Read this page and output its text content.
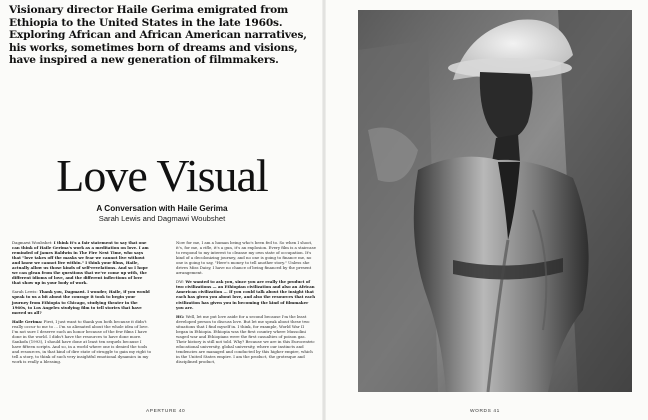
Visionary director Haile Gerima emigrated from Ethiopia to the United States in the late 1960s. Exploring African and African American narratives, his works, sometimes born of dreams and visions, have inspired a new generation of filmmakers.
Love Visual
A Conversation with Haile Gerima
Sarah Lewis and Dagmawi Woubshet

Dagmawi Woubshet: I think it's a fair statement to say that one can think of Haile Gerima's work as a meditation on love. I am reminded of James Baldwin in The Fire Next Time, who says that "love takes off the masks we fear we cannot live without and know we cannot live within." I think your films, Haile, actually allow us those kinds of self-revelations. And so I hope we can glean from the questions that we've come up with, the different idioms of love, and the different inflections of love that show up in your body of work.

Sarah Lewis: Thank you, Dagmawi. I wonder, Haile, if you would speak to us a bit about the courage it took to begin your journey from Ethiopia to Chicago, studying theater in the 1960s, to Los Angeles studying film to tell stories that have moved us all?

Haile Gerima: First, I just want to thank you both because it didn't really occur to me to ... I'm so alienated about the whole idea of love. I'm not sure I deserve such an honor because of the few films I have done in the world. I didn't have the resources to have done more. Sankofa (1993), I should have done at least ten sequels because I have fifteen scripts. And so, in a world where one is denied the tools and resources, in that kind of dire state of struggle to gain my right to tell a story, to think of such very insightful emotional dynamics in my work is really a blessing.

Now for me, I am a human being who's been fed to. So when I shoot, it's, for me, a rifle, it's a gun, it's an explosion. Every film is a staircase to respond to my interest to cleanse my own state of occupation. It's kind of a decolonizing journey, and no one is going to finance me, no one is going to say, "Here's money to tell another story." Unless she drives Miss Daisy, I have no chance of being financed by the present arrangement.

DW: We wanted to ask you, since you are really the product of two civilizations — an Ethiopian civilization and also an African American civilization ... If you could talk about the insight that each has given you about love, and also the resources that each civilization has given you in becoming the kind of filmmaker you are.

HG: Well, let me put love aside for a second because I'm the least developed person to discuss love. But let me speak about these two situations that I find myself in. I think, for example, World War II began in Ethiopia. Ethiopia was the first country where Mussolini waged war and Ethiopians were the first casualties of poison gas. Their history is still not told. Why? Because we are in this Eurocentric educational university, global university, where our instincts and tendencies are managed and conducted by this higher empire, which in the United States empire. I am the product, the grotesque and disciplined product,

APERTURE 40	WORDS 41
